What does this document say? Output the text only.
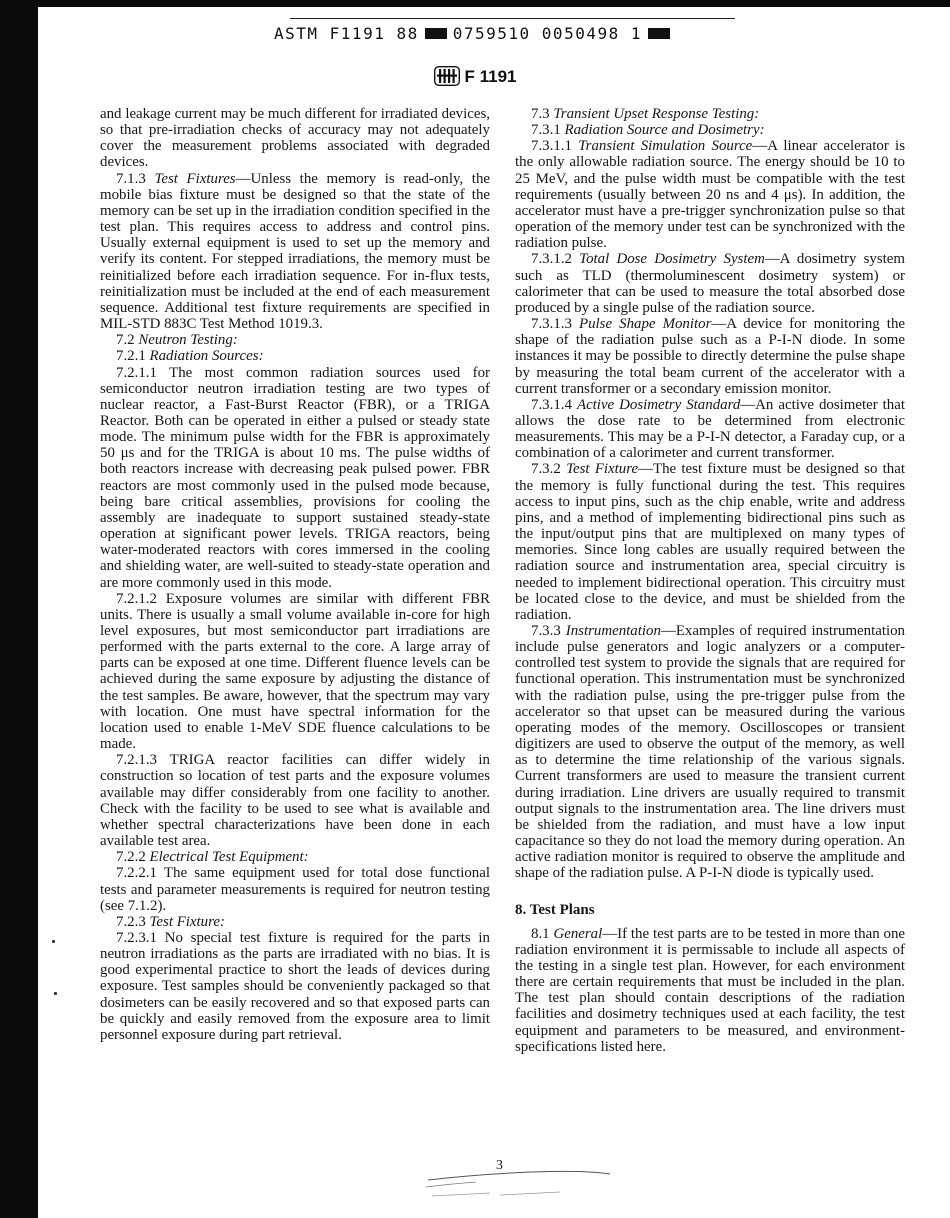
ASTM F1191 88 0759510 0050498 1
F 1191

and leakage current may be much different for irradiated devices, so that pre-irradiation checks of accuracy may not adequately cover the measurement problems associated with degraded devices.

7.1.3 Test Fixtures—Unless the memory is read-only, the mobile bias fixture must be designed so that the state of the memory can be set up in the irradiation condition specified in the test plan. This requires access to address and control pins. Usually external equipment is used to set up the memory and verify its content. For stepped irradiations, the memory must be reinitialized before each irradiation sequence. For in-flux tests, reinitialization must be included at the end of each measurement sequence. Additional test fixture requirements are specified in MIL-STD 883C Test Method 1019.3.

7.2 Neutron Testing:

7.2.1 Radiation Sources:

7.2.1.1 The most common radiation sources used for semiconductor neutron irradiation testing are two types of nuclear reactor, a Fast-Burst Reactor (FBR), or a TRIGA Reactor. Both can be operated in either a pulsed or steady state mode. The minimum pulse width for the FBR is approximately 50 μs and for the TRIGA is about 10 ms. The pulse widths of both reactors increase with decreasing peak pulsed power. FBR reactors are most commonly used in the pulsed mode because, being bare critical assemblies, provisions for cooling the assembly are inadequate to support sustained steady-state operation at significant power levels. TRIGA reactors, being water-moderated reactors with cores immersed in the cooling and shielding water, are well-suited to steady-state operation and are more commonly used in this mode.

7.2.1.2 Exposure volumes are similar with different FBR units. There is usually a small volume available in-core for high level exposures, but most semiconductor part irradiations are performed with the parts external to the core. A large array of parts can be exposed at one time. Different fluence levels can be achieved during the same exposure by adjusting the distance of the test samples. Be aware, however, that the spectrum may vary with location. One must have spectral information for the location used to enable 1-MeV SDE fluence calculations to be made.

7.2.1.3 TRIGA reactor facilities can differ widely in construction so location of test parts and the exposure volumes available may differ considerably from one facility to another. Check with the facility to be used to see what is available and whether spectral characterizations have been done in each available test area.

7.2.2 Electrical Test Equipment:

7.2.2.1 The same equipment used for total dose functional tests and parameter measurements is required for neutron testing (see 7.1.2).

7.2.3 Test Fixture:

7.2.3.1 No special test fixture is required for the parts in neutron irradiations as the parts are irradiated with no bias. It is good experimental practice to short the leads of devices during exposure. Test samples should be conveniently packaged so that dosimeters can be easily recovered and so that exposed parts can be quickly and easily removed from the exposure area to limit personnel exposure during part retrieval.

7.3 Transient Upset Response Testing:

7.3.1 Radiation Source and Dosimetry:

7.3.1.1 Transient Simulation Source—A linear accelerator is the only allowable radiation source. The energy should be 10 to 25 MeV, and the pulse width must be compatible with the test requirements (usually between 20 ns and 4 μs). In addition, the accelerator must have a pre-trigger synchronization pulse so that operation of the memory under test can be synchronized with the radiation pulse.

7.3.1.2 Total Dose Dosimetry System—A dosimetry system such as TLD (thermoluminescent dosimetry system) or calorimeter that can be used to measure the total absorbed dose produced by a single pulse of the radiation source.

7.3.1.3 Pulse Shape Monitor—A device for monitoring the shape of the radiation pulse such as a P-I-N diode. In some instances it may be possible to directly determine the pulse shape by measuring the total beam current of the accelerator with a current transformer or a secondary emission monitor.

7.3.1.4 Active Dosimetry Standard—An active dosimeter that allows the dose rate to be determined from electronic measurements. This may be a P-I-N detector, a Faraday cup, or a combination of a calorimeter and current transformer.

7.3.2 Test Fixture—The test fixture must be designed so that the memory is fully functional during the test. This requires access to input pins, such as the chip enable, write and address pins, and a method of implementing bidirectional pins such as the input/output pins that are multiplexed on many types of memories. Since long cables are usually required between the radiation source and instrumentation area, special circuitry is needed to implement bidirectional operation. This circuitry must be located close to the device, and must be shielded from the radiation.

7.3.3 Instrumentation—Examples of required instrumentation include pulse generators and logic analyzers or a computer-controlled test system to provide the signals that are required for functional operation. This instrumentation must be synchronized with the radiation pulse, using the pre-trigger pulse from the accelerator so that upset can be measured during the various operating modes of the memory. Oscilloscopes or transient digitizers are used to observe the output of the memory, as well as to determine the time relationship of the various signals. Current transformers are used to measure the transient current during irradiation. Line drivers are usually required to transmit output signals to the instrumentation area. The line drivers must be shielded from the radiation, and must have a low input capacitance so they do not load the memory during operation. An active radiation monitor is required to observe the amplitude and shape of the radiation pulse. A P-I-N diode is typically used.

8. Test Plans

8.1 General—If the test parts are to be tested in more than one radiation environment it is permissable to include all aspects of the testing in a single test plan. However, for each environment there are certain requirements that must be included in the plan. The test plan should contain descriptions of the radiation facilities and dosimetry techniques used at each facility, the test equipment and parameters to be measured, and environment-specifications listed here.

3
